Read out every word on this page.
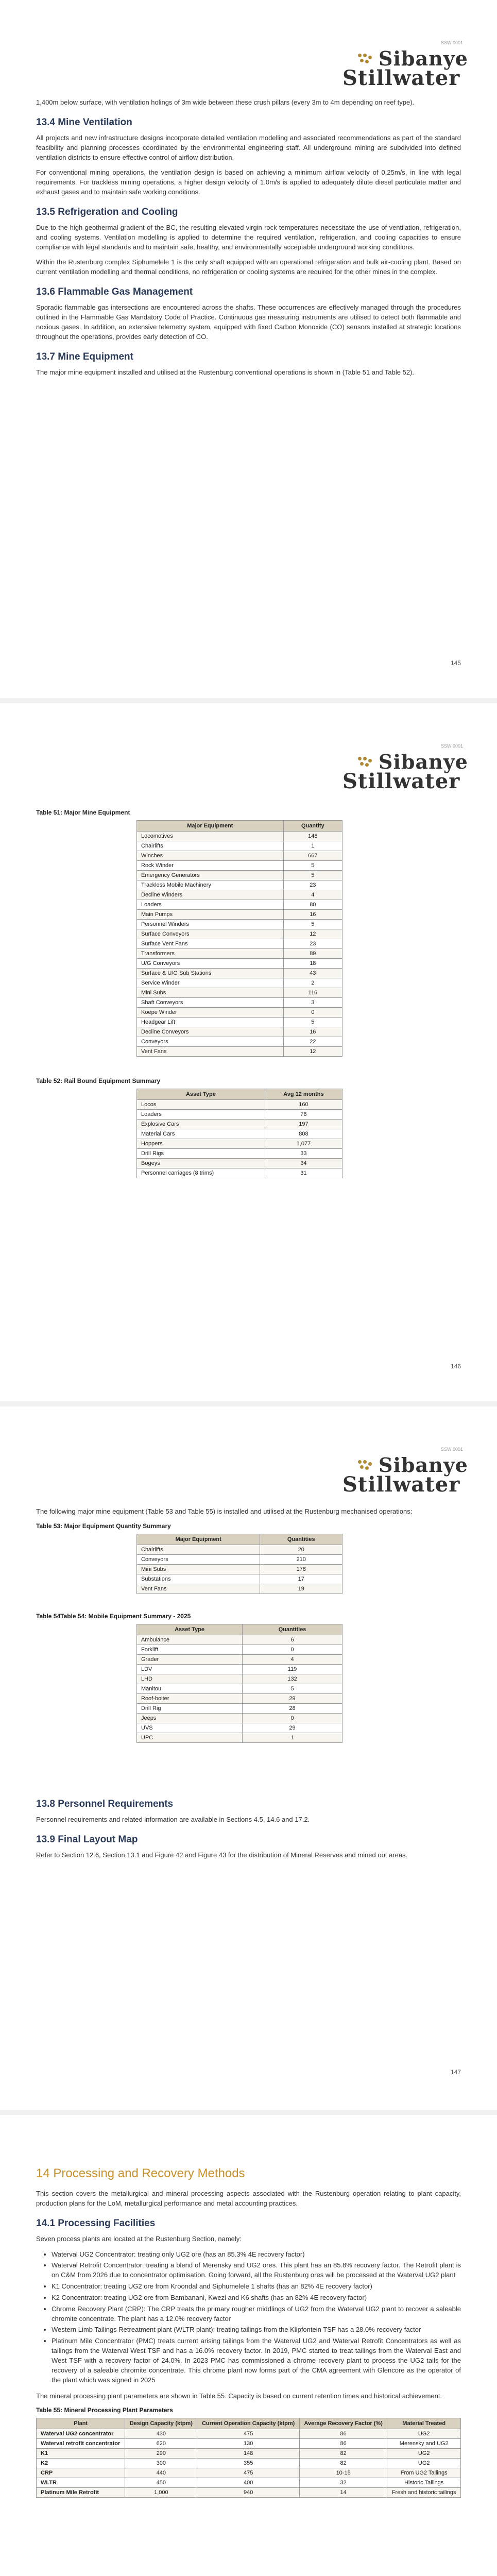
SSW 0001
Sibanye
Stillwater

1,400m below surface, with ventilation holings of 3m wide between these crush pillars (every 3m to 4m depending on reef type).

13.4 Mine Ventilation

All projects and new infrastructure designs incorporate detailed ventilation modelling and associated recommendations as part of the standard feasibility and planning processes coordinated by the environmental engineering staff. All underground mining are subdivided into defined ventilation districts to ensure effective control of airflow distribution.

For conventional mining operations, the ventilation design is based on achieving a minimum airflow velocity of 0.25m/s, in line with legal requirements. For trackless mining operations, a higher design velocity of 1.0m/s is applied to adequately dilute diesel particulate matter and exhaust gases and to maintain safe working conditions.

13.5 Refrigeration and Cooling

Due to the high geothermal gradient of the BC, the resulting elevated virgin rock temperatures necessitate the use of ventilation, refrigeration, and cooling systems. Ventilation modelling is applied to determine the required ventilation, refrigeration, and cooling capacities to ensure compliance with legal standards and to maintain safe, healthy, and environmentally acceptable underground working conditions.

Within the Rustenburg complex Siphumelele 1 is the only shaft equipped with an operational refrigeration and bulk air-cooling plant. Based on current ventilation modelling and thermal conditions, no refrigeration or cooling systems are required for the other mines in the complex.

13.6 Flammable Gas Management

Sporadic flammable gas intersections are encountered across the shafts. These occurrences are effectively managed through the procedures outlined in the Flammable Gas Mandatory Code of Practice. Continuous gas measuring instruments are utilised to detect both flammable and noxious gases. In addition, an extensive telemetry system, equipped with fixed Carbon Monoxide (CO) sensors installed at strategic locations throughout the operations, provides early detection of CO.

13.7 Mine Equipment

The major mine equipment installed and utilised at the Rustenburg conventional operations is shown in (Table 51 and Table 52).

145
SSW 0001
Sibanye
Stillwater
Table 51: Major Mine Equipment
Major Equipment	Quantity
Locomotives	148
Chairlifts	1
Winches	667
Rock Winder	5
Emergency Generators	5
Trackless Mobile Machinery	23
Decline Winders	4
Loaders	80
Main Pumps	16
Personnel Winders	5
Surface Conveyors	12
Surface Vent Fans	23
Transformers	89
U/G Conveyors	18
Surface & U/G Sub Stations	43
Service Winder	2
Mini Subs	116
Shaft Conveyors	3
Koepe Winder	0
Headgear Lift	5
Decline Conveyors	16
Conveyors	22
Vent Fans	12
Table 52: Rail Bound Equipment Summary
Asset Type	Avg 12 months
Locos	160
Loaders	78
Explosive Cars	197
Material Cars	808
Hoppers	1,077
Drill Rigs	33
Bogeys	34
Personnel carriages (8 trims)	31
146
SSW 0001
Sibanye
Stillwater

The following major mine equipment (Table 53 and Table 55) is installed and utilised at the Rustenburg mechanised operations:

Table 53: Major Equipment Quantity Summary
Major Equipment	Quantities
Chairlifts	20
Conveyors	210
Mini Subs	178
Substations	17
Vent Fans	19
Table 54Table 54: Mobile Equipment Summary - 2025
Asset Type	Quantities
Ambulance	6
Forklift	0
Grader	4
LDV	119
LHD	132
Manitou	5
Roof-bolter	29
Drill Rig	28
Jeeps	0
UVS	29
UPC	1
13.8 Personnel Requirements

Personnel requirements and related information are available in Sections 4.5, 14.6 and 17.2.

13.9 Final Layout Map

Refer to Section 12.6, Section 13.1 and Figure 42 and Figure 43 for the distribution of Mineral Reserves and mined out areas.

147
14 Processing and Recovery Methods

This section covers the metallurgical and mineral processing aspects associated with the Rustenburg operation relating to plant capacity, production plans for the LoM, metallurgical performance and metal accounting practices.

14.1 Processing Facilities

Seven process plants are located at the Rustenburg Section, namely:

• Waterval UG2 Concentrator: treating only UG2 ore (has an 85.3% 4E recovery factor)
• Waterval Retrofit Concentrator: treating a blend of Merensky and UG2 ores. This plant has an 85.8% recovery factor. The Retrofit plant is on C&M from 2026 due to concentrator optimisation. Going forward, all the Rustenburg ores will be processed at the Waterval UG2 plant
• K1 Concentrator: treating UG2 ore from Kroondal and Siphumelele 1 shafts (has an 82% 4E recovery factor)
• K2 Concentrator: treating UG2 ore from Bambanani, Kwezi and K6 shafts (has an 82% 4E recovery factor)
• Chrome Recovery Plant (CRP): The CRP treats the primary rougher middlings of UG2 from the Waterval UG2 plant to recover a saleable chromite concentrate. The plant has a 12.0% recovery factor
• Western Limb Tailings Retreatment plant (WLTR plant): treating tailings from the Klipfontein TSF has a 28.0% recovery factor
• Platinum Mile Concentrator (PMC) treats current arising tailings from the Waterval UG2 and Waterval Retrofit Concentrators as well as tailings from the Waterval West TSF and has a 16.0% recovery factor. In 2019, PMC started to treat tailings from the Waterval East and West TSF with a recovery factor of 24.0%. In 2023 PMC has commissioned a chrome recovery plant to process the UG2 tails for the recovery of a saleable chromite concentrate. This chrome plant now forms part of the CMA agreement with Glencore as the operator of the plant which was signed in 2025

The mineral processing plant parameters are shown in Table 55. Capacity is based on current retention times and historical achievement.

Table 55: Mineral Processing Plant Parameters
Plant	Design Capacity (ktpm)	Current Operation Capacity (ktpm)	Average Recovery Factor (%)	Material Treated
Waterval UG2 concentrator	430	475	86	UG2
Waterval retrofit concentrator	620	130	86	Merensky and UG2
K1	290	148	82	UG2
K2	300	355	82	UG2
CRP	440	475	10-15	From UG2 Tailings
WLTR	450	400	32	Historic Tailings
Platinum Mile Retrofit	1,000	940	14	Fresh and historic tailings
